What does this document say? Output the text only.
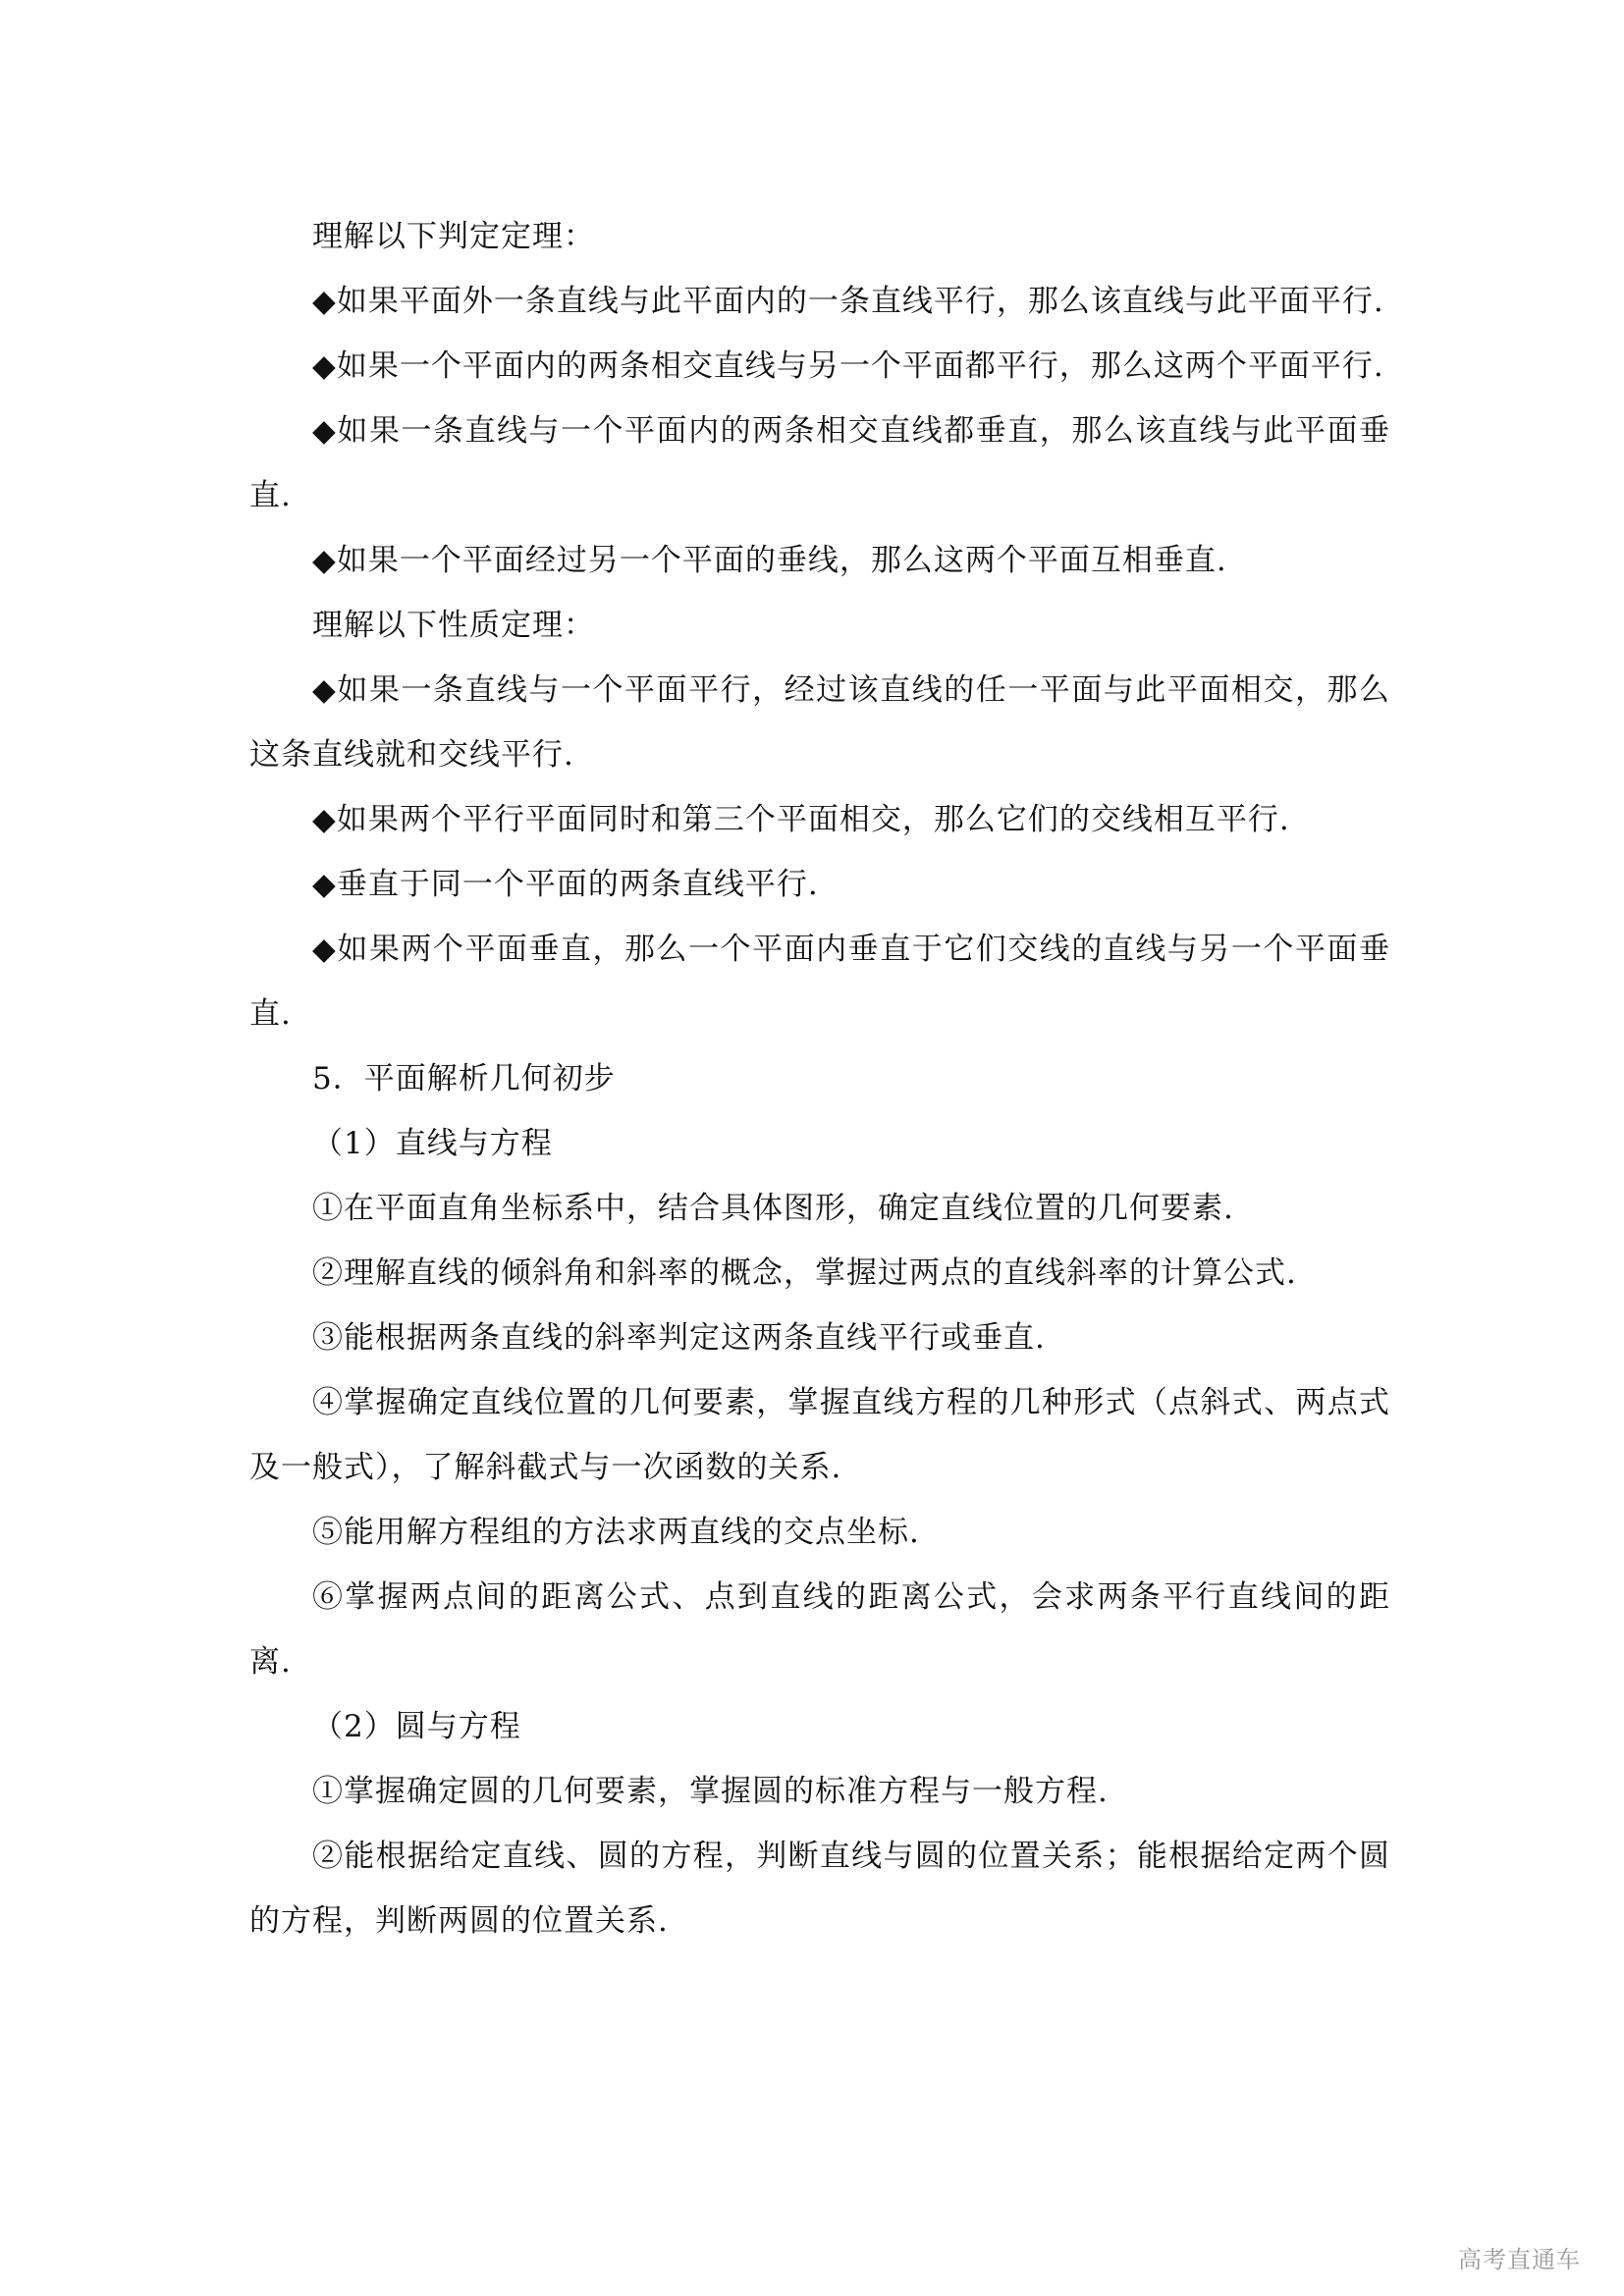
理解以下判定定理：

◆如果平面外一条直线与此平面内的一条直线平行，那么该直线与此平面平行.

◆如果一个平面内的两条相交直线与另一个平面都平行，那么这两个平面平行.

◆如果一条直线与一个平面内的两条相交直线都垂直，那么该直线与此平面垂直.

◆如果一个平面经过另一个平面的垂线，那么这两个平面互相垂直.

理解以下性质定理：

◆如果一条直线与一个平面平行，经过该直线的任一平面与此平面相交，那么这条直线就和交线平行.

◆如果两个平行平面同时和第三个平面相交，那么它们的交线相互平行.

◆垂直于同一个平面的两条直线平行.

◆如果两个平面垂直，那么一个平面内垂直于它们交线的直线与另一个平面垂直.

5．平面解析几何初步

（1）直线与方程

①在平面直角坐标系中，结合具体图形，确定直线位置的几何要素.

②理解直线的倾斜角和斜率的概念，掌握过两点的直线斜率的计算公式.

③能根据两条直线的斜率判定这两条直线平行或垂直.

④掌握确定直线位置的几何要素，掌握直线方程的几种形式（点斜式、两点式及一般式），了解斜截式与一次函数的关系.

⑤能用解方程组的方法求两直线的交点坐标.

⑥掌握两点间的距离公式、点到直线的距离公式，会求两条平行直线间的距离.

（2）圆与方程

①掌握确定圆的几何要素，掌握圆的标准方程与一般方程.

②能根据给定直线、圆的方程，判断直线与圆的位置关系；能根据给定两个圆的方程，判断两圆的位置关系.

高考直通车
